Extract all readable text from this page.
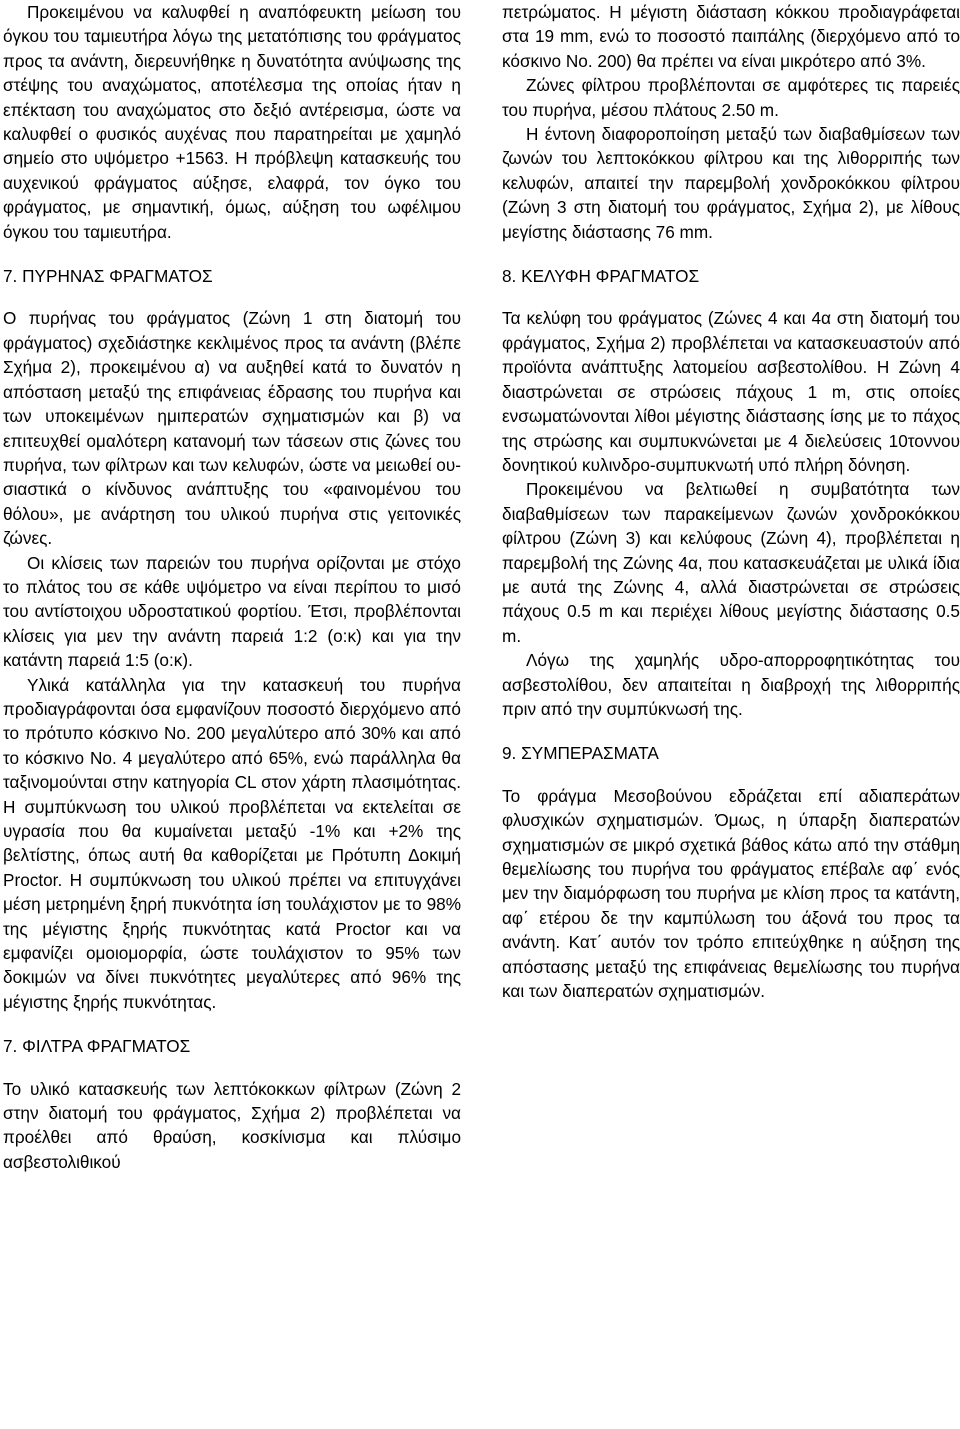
Προκειμένου να καλυφθεί η αναπόφευκτη μείωση του όγκου του ταμιευτήρα λόγω της μετατόπισης του φράγματος προς τα ανάντη, διερευνήθηκε η δυνατότητα ανύψωσης της στέψης του αναχώματος, αποτέλεσμα της οποίας ήταν η επέκταση του αναχώματος στο δεξιό αντέρεισμα, ώστε να καλυφθεί ο φυσικός αυχένας που παρατηρείται με χαμηλό σημείο στο υψόμετρο +1563. Η πρόβλεψη κατασκευής του αυχενικού φράγματος αύξησε, ελαφρά, τον όγκο του φράγματος, με σημαντική, όμως, αύξηση του ωφέλιμου όγκου του ταμιευτήρα.

7. ΠΥΡΗΝΑΣ ΦΡΑΓΜΑΤΟΣ

Ο πυρήνας του φράγματος (Ζώνη 1 στη διατομή του φράγματος) σχεδιάστηκε κεκλιμένος προς τα ανάντη (βλέπε Σχήμα 2), προκειμένου α) να αυξηθεί κατά το δυνατόν η απόσταση μεταξύ της επιφάνειας έδρασης του πυρήνα και των υποκειμένων ημιπερατών σχηματισμών και β) να επιτευχθεί ομαλότερη κατανομή των τάσεων στις ζώνες του πυρήνα, των φίλτρων και των κελυφών, ώστε να μειωθεί ουσιαστικά ο κίνδυνος ανάπτυξης του «φαινομένου του θόλου», με ανάρτηση του υλικού πυρήνα στις γειτονικές ζώνες.

Οι κλίσεις των παρειών του πυρήνα ορίζονται με στόχο το πλάτος του σε κάθε υψόμετρο να είναι περίπου το μισό του αντίστοιχου υδροστατικού φορτίου. Έτσι, προβλέπονται κλίσεις για μεν την ανάντη παρειά 1:2 (ο:κ) και για την κατάντη παρειά 1:5 (ο:κ).

Υλικά κατάλληλα για την κατασκευή του πυρήνα προδιαγράφονται όσα εμφανίζουν ποσοστό διερχόμενο από το πρότυπο κόσκινο Νο. 200 μεγαλύτερο από 30% και από το κόσκινο Νο. 4 μεγαλύτερο από 65%, ενώ παράλληλα θα ταξινομούνται στην κατηγορία CL στον χάρτη πλασιμότητας. Η συμπύκνωση του υλικού προβλέπεται να εκτελείται σε υγρασία που θα κυμαίνεται μεταξύ -1% και +2% της βελτίστης, όπως αυτή θα καθορίζεται με Πρότυπη Δοκιμή Proctor. Η συμπύκνωση του υλικού πρέπει να επιτυγχάνει μέση μετρημένη ξηρή πυκνότητα ίση τουλάχιστον με το 98% της μέγιστης ξηρής πυκνότητας κατά Proctor και να εμφανίζει ομοιομορφία, ώστε τουλάχιστον το 95% των δοκιμών να δίνει πυκνότητες μεγαλύτερες από 96% της μέγιστης ξηρής πυκνότητας.

7. ΦΙΛΤΡΑ ΦΡΑΓΜΑΤΟΣ

Το υλικό κατασκευής των λεπτόκοκκων φίλτρων (Ζώνη 2 στην διατομή του φράγματος, Σχήμα 2) προβλέπεται να προέλθει από θραύση, κοσκίνισμα και πλύσιμο ασβεστολιθικού

πετρώματος. Η μέγιστη διάσταση κόκκου προδιαγράφεται στα 19 mm, ενώ το ποσοστό παιπάλης (διερχόμενο από το κόσκινο Νο. 200) θα πρέπει να είναι μικρότερο από 3%.

Ζώνες φίλτρου προβλέπονται σε αμφότερες τις παρειές του πυρήνα, μέσου πλάτους 2.50 m.

Η έντονη διαφοροποίηση μεταξύ των διαβαθμίσεων των ζωνών του λεπτοκόκκου φίλτρου και της λιθορριπής των κελυφών, απαιτεί την παρεμβολή χονδροκόκκου φίλτρου (Ζώνη 3 στη διατομή του φράγματος, Σχήμα 2), με λίθους μεγίστης διάστασης 76 mm.

8. ΚΕΛΥΦΗ ΦΡΑΓΜΑΤΟΣ

Τα κελύφη του φράγματος (Ζώνες 4 και 4α στη διατομή του φράγματος, Σχήμα 2) προβλέπεται να κατασκευαστούν από προϊόντα ανάπτυξης λατομείου ασβεστολίθου. Η Ζώνη 4 διαστρώνεται σε στρώσεις πάχους 1 m, στις οποίες ενσωματώνονται λίθοι μέγιστης διάστασης ίσης με το πάχος της στρώσης και συμπυκνώνεται με 4 διελεύσεις 10τοννου δονητικού κυλινδρο-συμπυκνωτή υπό πλήρη δόνηση.

Προκειμένου να βελτιωθεί η συμβατότητα των διαβαθμίσεων των παρακείμενων ζωνών χονδροκόκκου φίλτρου (Ζώνη 3) και κελύφους (Ζώνη 4), προβλέπεται η παρεμβολή της Ζώνης 4α, που κατασκευάζεται με υλικά ίδια με αυτά της Ζώνης 4, αλλά διαστρώνεται σε στρώσεις πάχους 0.5 m και περιέχει λίθους μεγίστης διάστασης 0.5 m.

Λόγω της χαμηλής υδρο-απορροφητικότητας του ασβεστολίθου, δεν απαιτείται η διαβροχή της λιθορριπής πριν από την συμπύκνωσή της.

9. ΣΥΜΠΕΡΑΣΜΑΤΑ

Το φράγμα Μεσοβούνου εδράζεται επί αδιαπεράτων φλυσχικών σχηματισμών. Όμως, η ύπαρξη διαπερατών σχηματισμών σε μικρό σχετικά βάθος κάτω από την στάθμη θεμελίωσης του πυρήνα του φράγματος επέβαλε αφ΄ ενός μεν την διαμόρφωση του πυρήνα με κλίση προς τα κατάντη, αφ΄ ετέρου δε την καμπύλωση του άξονά του προς τα ανάντη. Κατ΄ αυτόν τον τρόπο επιτεύχθηκε η αύξηση της απόστασης μεταξύ της επιφάνειας θεμελίωσης του πυρήνα και των διαπερατών σχηματισμών.
